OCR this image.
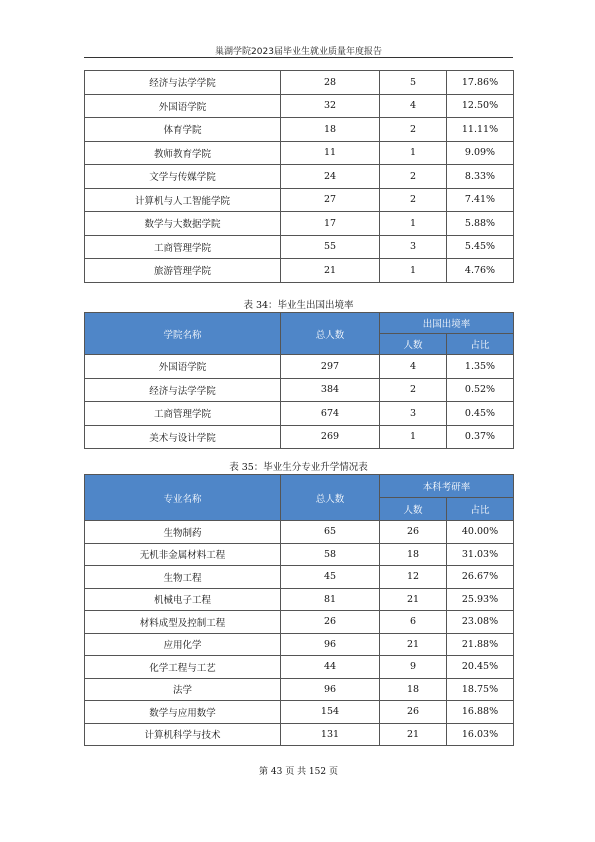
巢湖学院2023届毕业生就业质量年度报告
经济与法学学院	28	5	17.86%
外国语学院	32	4	12.50%
体育学院	18	2	11.11%
教师教育学院	11	1	9.09%
文学与传媒学院	24	2	8.33%
计算机与人工智能学院	27	2	7.41%
数学与大数据学院	17	1	5.88%
工商管理学院	55	3	5.45%
旅游管理学院	21	1	4.76%
表 34：毕业生出国出境率
学院名称	总人数	出国出境率	
		人数	占比
外国语学院	297	4	1.35%
经济与法学学院	384	2	0.52%
工商管理学院	674	3	0.45%
美术与设计学院	269	1	0.37%
表 35：毕业生分专业升学情况表
专业名称	总人数	本科考研率	
		人数	占比
生物制药	65	26	40.00%
无机非金属材料工程	58	18	31.03%
生物工程	45	12	26.67%
机械电子工程	81	21	25.93%
材料成型及控制工程	26	6	23.08%
应用化学	96	21	21.88%
化学工程与工艺	44	9	20.45%
法学	96	18	18.75%
数学与应用数学	154	26	16.88%
计算机科学与技术	131	21	16.03%
第 43 页 共 152 页
